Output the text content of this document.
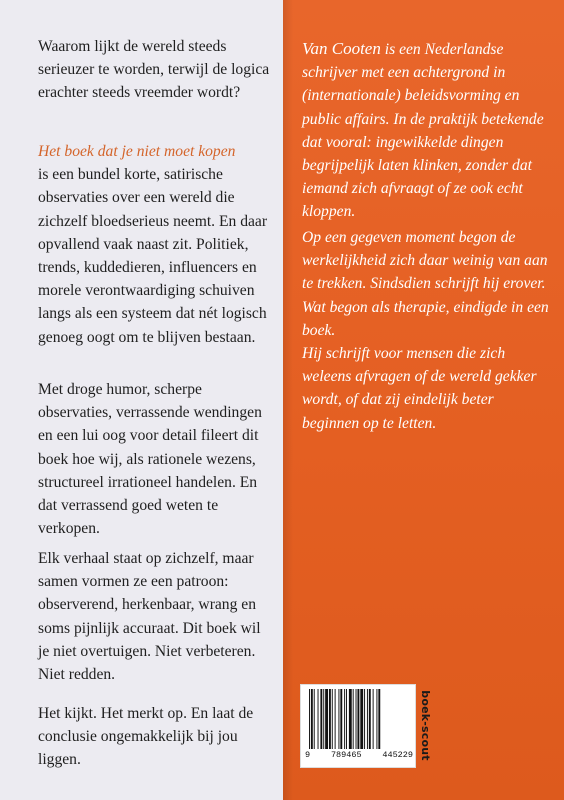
Waarom lijkt de wereld steeds serieuzer te worden, terwijl de logica erachter steeds vreemder wordt?

Het boek dat je niet moet kopen
is een bundel korte, satirische observaties over een wereld die zichzelf bloedserieus neemt. En daar opvallend vaak naast zit. Politiek, trends, kuddedieren, influencers en morele verontwaardiging schuiven langs als een systeem dat nét logisch genoeg oogt om te blijven bestaan.

Met droge humor, scherpe observaties, verrassende wendingen en een lui oog voor detail fileert dit boek hoe wij, als rationele wezens, structureel irrationeel handelen. En dat verrassend goed weten te verkopen.

Elk verhaal staat op zichzelf, maar samen vormen ze een patroon: observerend, herkenbaar, wrang en soms pijnlijk accuraat. Dit boek wil je niet overtuigen. Niet verbeteren. Niet redden.

Het kijkt. Het merkt op. En laat de conclusie ongemakkelijk bij jou liggen.

Van Cooten is een Nederlandse schrijver met een achtergrond in (internationale) beleidsvorming en public affairs. In de praktijk betekende dat vooral: ingewikkelde dingen begrijpelijk laten klinken, zonder dat iemand zich afvraagt of ze ook echt kloppen.

Op een gegeven moment begon de werkelijkheid zich daar weinig van aan te trekken. Sindsdien schrijft hij erover. Wat begon als therapie, eindigde in een boek.

Hij schrijft voor mensen die zich weleens afvragen of de wereld gekker wordt, of dat zij eindelijk beter beginnen op te letten.

9 789465 445229 boek-scout
